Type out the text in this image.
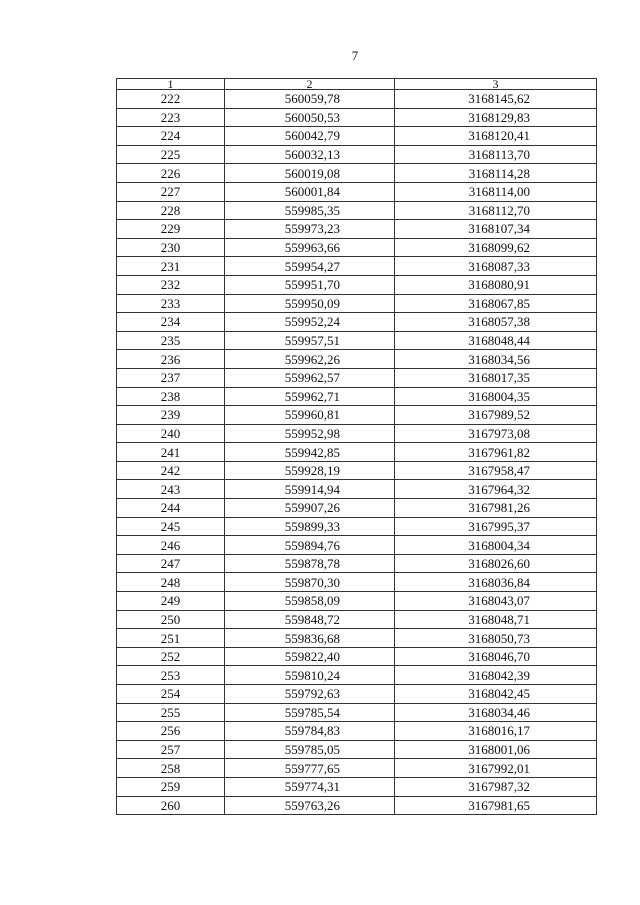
7
1	2	3
222	560059,78	3168145,62
223	560050,53	3168129,83
224	560042,79	3168120,41
225	560032,13	3168113,70
226	560019,08	3168114,28
227	560001,84	3168114,00
228	559985,35	3168112,70
229	559973,23	3168107,34
230	559963,66	3168099,62
231	559954,27	3168087,33
232	559951,70	3168080,91
233	559950,09	3168067,85
234	559952,24	3168057,38
235	559957,51	3168048,44
236	559962,26	3168034,56
237	559962,57	3168017,35
238	559962,71	3168004,35
239	559960,81	3167989,52
240	559952,98	3167973,08
241	559942,85	3167961,82
242	559928,19	3167958,47
243	559914,94	3167964,32
244	559907,26	3167981,26
245	559899,33	3167995,37
246	559894,76	3168004,34
247	559878,78	3168026,60
248	559870,30	3168036,84
249	559858,09	3168043,07
250	559848,72	3168048,71
251	559836,68	3168050,73
252	559822,40	3168046,70
253	559810,24	3168042,39
254	559792,63	3168042,45
255	559785,54	3168034,46
256	559784,83	3168016,17
257	559785,05	3168001,06
258	559777,65	3167992,01
259	559774,31	3167987,32
260	559763,26	3167981,65
